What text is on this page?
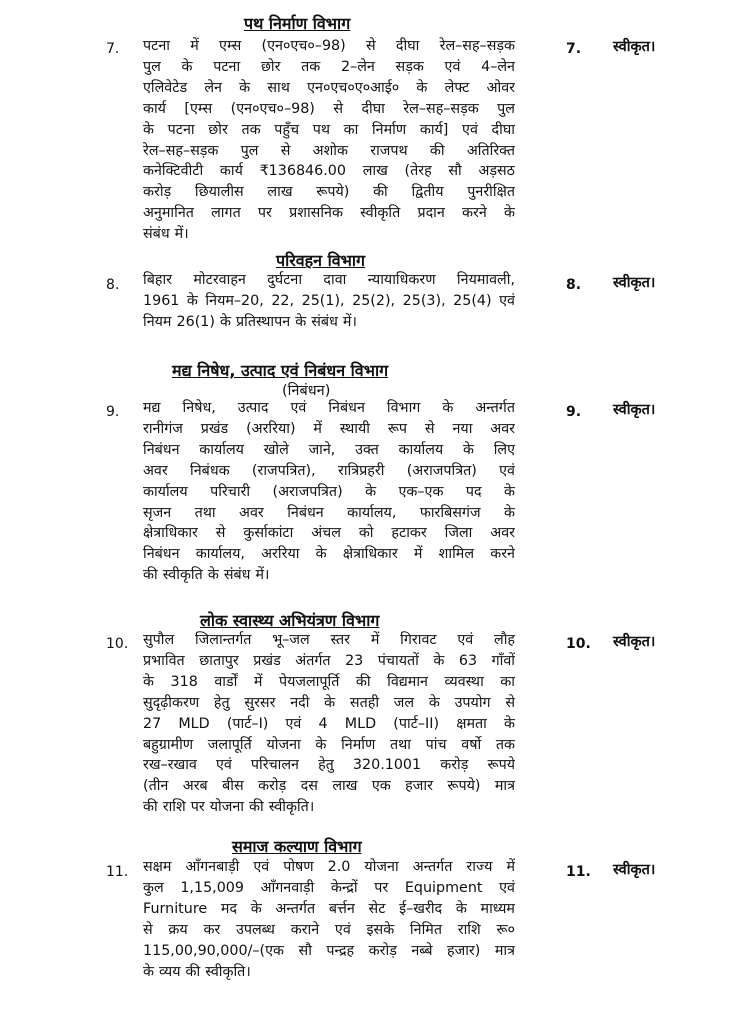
पथ निर्माण विभाग
7. पटना में एम्स (एन०एच०–98) से दीघा रेल–सह–सड़क
पुल के पटना छोर तक 2–लेन सड़क एवं 4–लेन
एलिवेटेड लेन के साथ एन०एच०ए०आई० के लेफ्ट ओवर
कार्य [एम्स (एन०एच०–98) से दीघा रेल–सह–सड़क पुल
के पटना छोर तक पहुँच पथ का निर्माण कार्य] एवं दीघा
रेल–सह–सड़क पुल से अशोक राजपथ की अतिरिक्त
कनेक्टिवीटी कार्य ₹136846.00 लाख (तेरह सौ अड़सठ
करोड़ छियालीस लाख रूपये) की द्वितीय पुनरीक्षित
अनुमानित लागत पर प्रशासनिक स्वीकृति प्रदान करने के
संबंध में।
7. स्वीकृत।
परिवहन विभाग
8. बिहार मोटरवाहन दुर्घटना दावा न्यायाधिकरण नियमावली,
1961 के नियम–20, 22, 25(1), 25(2), 25(3), 25(4) एवं
नियम 26(1) के प्रतिस्थापन के संबंध में।
8. स्वीकृत।
मद्य निषेध, उत्पाद एवं निबंधन विभाग
(निबंधन)
9. मद्य निषेध, उत्पाद एवं निबंधन विभाग के अन्तर्गत
रानीगंज प्रखंड (अररिया) में स्थायी रूप से नया अवर
निबंधन कार्यालय खोले जाने, उक्त कार्यालय के लिए
अवर निबंधक (राजपत्रित), रात्रिप्रहरी (अराजपत्रित) एवं
कार्यालय परिचारी (अराजपत्रित) के एक–एक पद के
सृजन तथा अवर निबंधन कार्यालय, फारबिसगंज के
क्षेत्राधिकार से कुर्साकांटा अंचल को हटाकर जिला अवर
निबंधन कार्यालय, अररिया के क्षेत्राधिकार में शामिल करने
की स्वीकृति के संबंध में।
9. स्वीकृत।
लोक स्वास्थ्य अभियंत्रण विभाग
10. सुपौल जिलान्तर्गत भू–जल स्तर में गिरावट एवं लौह
प्रभावित छातापुर प्रखंड अंतर्गत 23 पंचायतों के 63 गाँवों
के 318 वार्डों में पेयजलापूर्ति की विद्यमान व्यवस्था का
सुदृढ़ीकरण हेतु सुरसर नदी के सतही जल के उपयोग से
27 MLD (पार्ट–I) एवं 4 MLD (पार्ट–II) क्षमता के
बहुग्रामीण जलापूर्ति योजना के निर्माण तथा पांच वर्षो तक
रख–रखाव एवं परिचालन हेतु 320.1001 करोड़ रूपये
(तीन अरब बीस करोड़ दस लाख एक हजार रूपये) मात्र
की राशि पर योजना की स्वीकृति।
10. स्वीकृत।
समाज कल्याण विभाग
11. सक्षम आँगनबाड़ी एवं पोषण 2.0 योजना अन्तर्गत राज्य में
कुल 1,15,009 आँगनवाड़ी केन्द्रों पर Equipment एवं
Furniture मद के अन्तर्गत बर्त्तन सेट ई–खरीद के माध्यम
से क्रय कर उपलब्ध कराने एवं इसके निमित राशि रू०
115,00,90,000/–(एक सौ पन्द्रह करोड़ नब्बे हजार) मात्र
के व्यय की स्वीकृति।
11. स्वीकृत।
